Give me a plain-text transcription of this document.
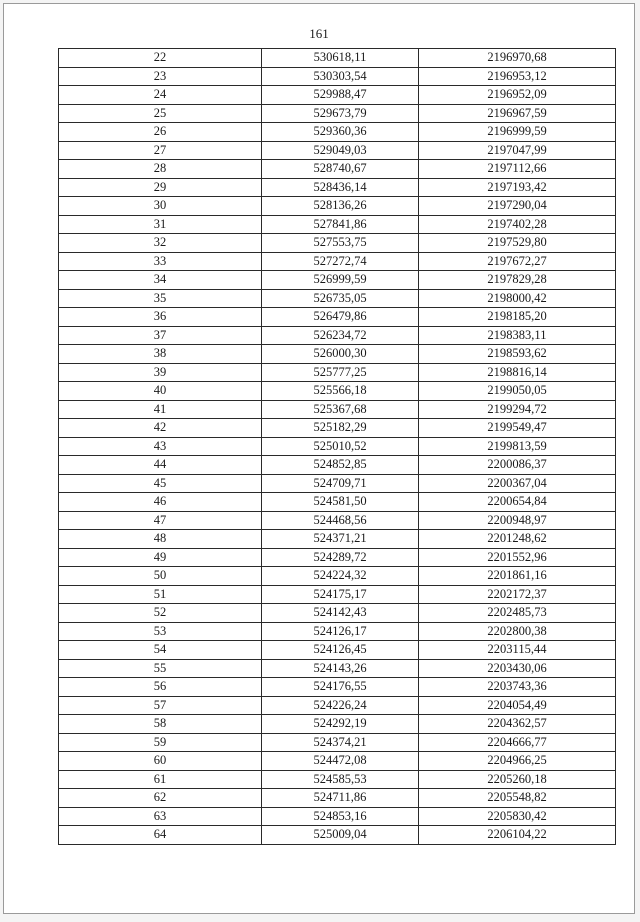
161
22	530618,11	2196970,68
23	530303,54	2196953,12
24	529988,47	2196952,09
25	529673,79	2196967,59
26	529360,36	2196999,59
27	529049,03	2197047,99
28	528740,67	2197112,66
29	528436,14	2197193,42
30	528136,26	2197290,04
31	527841,86	2197402,28
32	527553,75	2197529,80
33	527272,74	2197672,27
34	526999,59	2197829,28
35	526735,05	2198000,42
36	526479,86	2198185,20
37	526234,72	2198383,11
38	526000,30	2198593,62
39	525777,25	2198816,14
40	525566,18	2199050,05
41	525367,68	2199294,72
42	525182,29	2199549,47
43	525010,52	2199813,59
44	524852,85	2200086,37
45	524709,71	2200367,04
46	524581,50	2200654,84
47	524468,56	2200948,97
48	524371,21	2201248,62
49	524289,72	2201552,96
50	524224,32	2201861,16
51	524175,17	2202172,37
52	524142,43	2202485,73
53	524126,17	2202800,38
54	524126,45	2203115,44
55	524143,26	2203430,06
56	524176,55	2203743,36
57	524226,24	2204054,49
58	524292,19	2204362,57
59	524374,21	2204666,77
60	524472,08	2204966,25
61	524585,53	2205260,18
62	524711,86	2205548,82
63	524853,16	2205830,42
64	525009,04	2206104,22
